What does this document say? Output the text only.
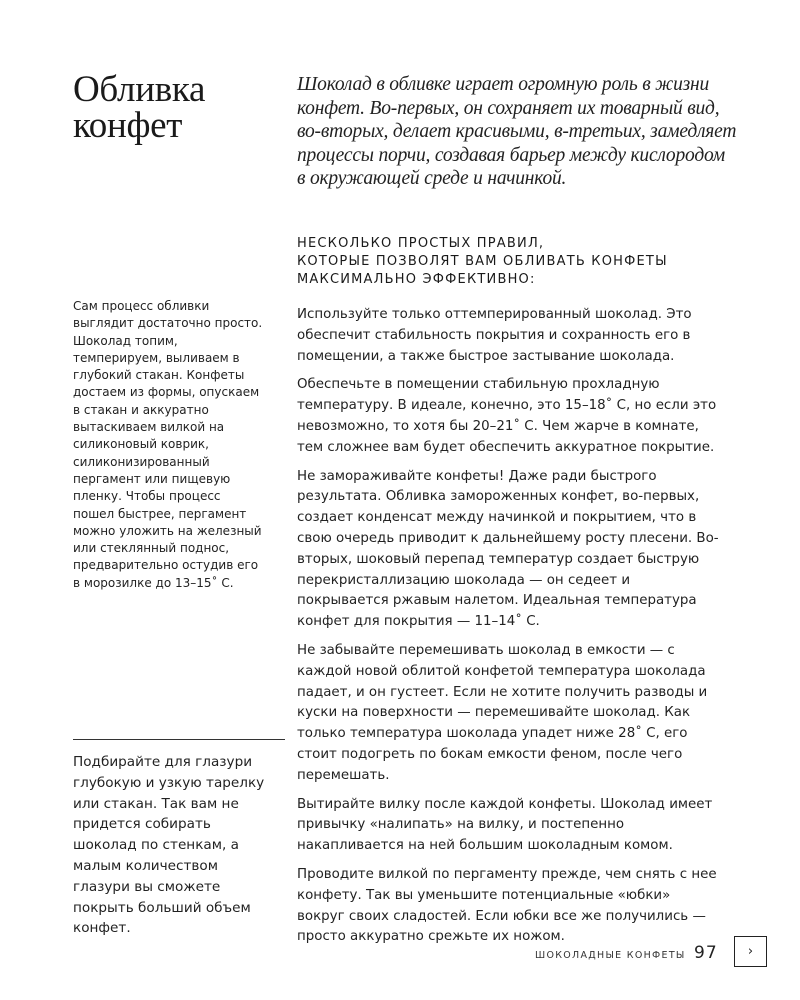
Обливка
конфет

Шоколад в обливке играет огромную роль в жизни конфет. Во-первых, он сохраняет их товарный вид, во-вторых, делает красивыми, в-третьих, замедляет процессы порчи, создавая барьер между кислородом в окружающей среде и начинкой.

НЕСКОЛЬКО ПРОСТЫХ ПРАВИЛ,
КОТОРЫЕ ПОЗВОЛЯТ ВАМ ОБЛИВАТЬ КОНФЕТЫ
МАКСИМАЛЬНО ЭФФЕКТИВНО:

Используйте только оттемперированный шоколад. Это обеспечит стабильность покрытия и сохранность его в помещении, а также быстрое застывание шоколада.

Обеспечьте в помещении стабильную прохладную температуру. В идеале, конечно, это 15–18˚ С, но если это невозможно, то хотя бы 20–21˚ С. Чем жарче в комнате, тем сложнее вам будет обеспечить аккуратное покрытие.

Не замораживайте конфеты! Даже ради быстрого результата. Обливка замороженных конфет, во-первых, создает конденсат между начинкой и покрытием, что в свою очередь приводит к дальнейшему росту плесени. Во-вторых, шоковый перепад температур создает быструю перекристаллизацию шоколада — он седеет и покрывается ржавым налетом. Идеальная температура конфет для покрытия — 11–14˚ С.

Не забывайте перемешивать шоколад в емкости — с каждой новой облитой конфетой температура шоколада падает, и он густеет. Если не хотите получить разводы и куски на поверхности — перемешивайте шоколад. Как только температура шоколада упадет ниже 28˚ С, его стоит подогреть по бокам емкости феном, после чего перемешать.

Вытирайте вилку после каждой конфеты. Шоколад имеет привычку «налипать» на вилку, и постепенно накапливается на ней большим шоколадным комом.

Проводите вилкой по пергаменту прежде, чем снять с нее конфету. Так вы уменьшите потенциальные «юбки» вокруг своих сладостей. Если юбки все же получились — просто аккуратно срежьте их ножом.

Сам процесс обливки выглядит достаточно просто. Шоколад топим, темперируем, выливаем в глубокий стакан. Конфеты достаем из формы, опускаем в стакан и аккуратно вытаскиваем вилкой на силиконовый коврик, силиконизированный пергамент или пищевую пленку. Чтобы процесс пошел быстрее, пергамент можно уложить на железный или стеклянный поднос, предварительно остудив его в морозилке до 13–15˚ С.

Подбирайте для глазури глубокую и узкую тарелку или стакан. Так вам не придется собирать шоколад по стенкам, а малым количеством глазури вы сможете покрыть больший объем конфет.

ШОКОЛАДНЫЕ КОНФЕТЫ 97 ›
